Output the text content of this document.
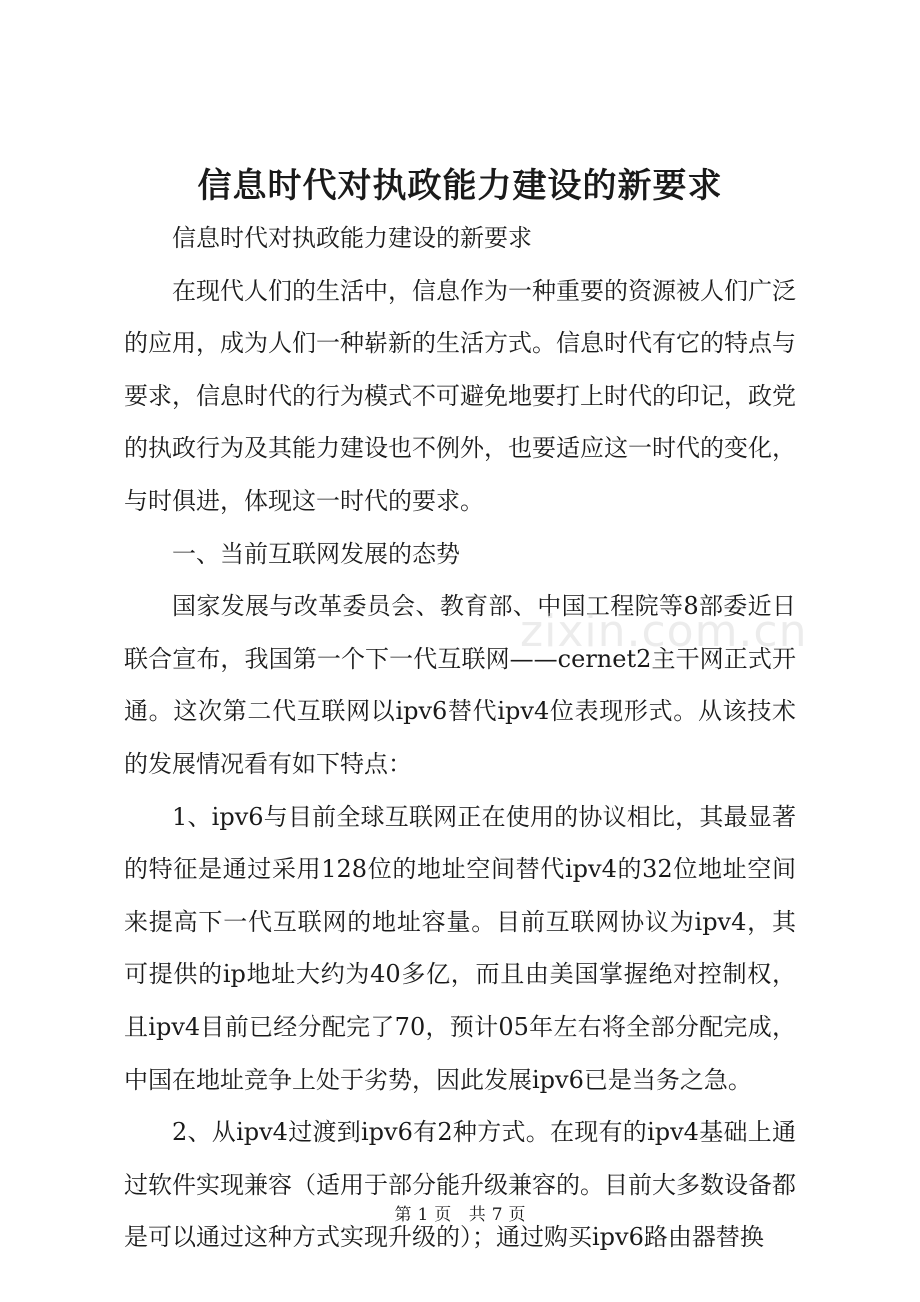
信息时代对执政能力建设的新要求

信息时代对执政能力建设的新要求

在现代人们的生活中，信息作为一种重要的资源被人们广泛的应用，成为人们一种崭新的生活方式。信息时代有它的特点与要求，信息时代的行为模式不可避免地要打上时代的印记，政党的执政行为及其能力建设也不例外，也要适应这一时代的变化，与时俱进，体现这一时代的要求。

一、当前互联网发展的态势

国家发展与改革委员会、教育部、中国工程院等8部委近日联合宣布，我国第一个下一代互联网——cernet2主干网正式开通。这次第二代互联网以ipv6替代ipv4位表现形式。从该技术的发展情况看有如下特点：

1、ipv6与目前全球互联网正在使用的协议相比，其最显著的特征是通过采用128位的地址空间替代ipv4的32位地址空间来提高下一代互联网的地址容量。目前互联网协议为ipv4，其可提供的ip地址大约为40多亿，而且由美国掌握绝对控制权，且ipv4目前已经分配完了70，预计05年左右将全部分配完成，中国在地址竞争上处于劣势，因此发展ipv6已是当务之急。

2、从ipv4过渡到ipv6有2种方式。在现有的ipv4基础上通过软件实现兼容（适用于部分能升级兼容的。目前大多数设备都是可以通过这种方式实现升级的）；通过购买ipv6路由器替换

zixin.com.cn
第 1 页 共 7 页
